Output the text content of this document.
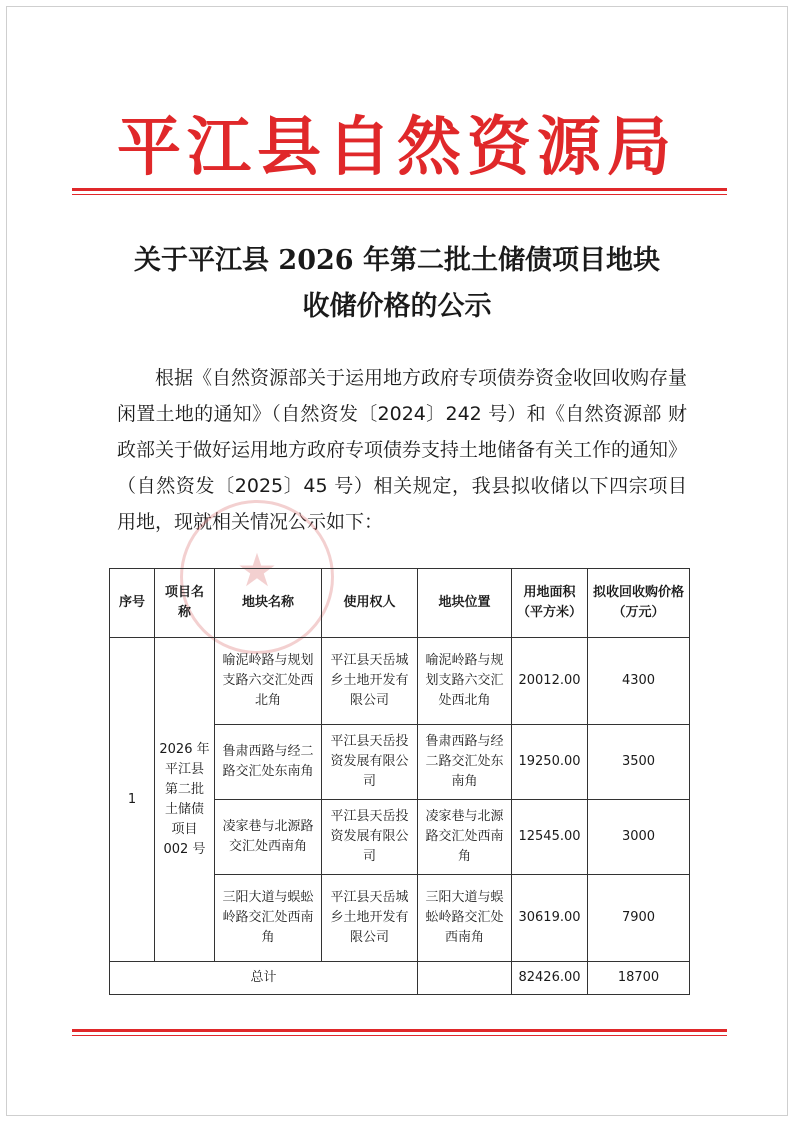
平江县自然资源局
关于平江县 2026 年第二批土储债项目地块
收储价格的公示
根据《自然资源部关于运用地方政府专项债券资金收回收购存量闲置土地的通知》（自然资发〔2024〕242 号）和《自然资源部 财政部关于做好运用地方政府专项债券支持土地储备有关工作的通知》（自然资发〔2025〕45 号）相关规定，我县拟收储以下四宗项目用地，现就相关情况公示如下：
★
序号	项目名称	地块名称	使用权人	地块位置	用地面积（平方米）	拟收回收购价格（万元）
1	2026 年平江县第二批土储债项目 002 号	喻泥岭路与规划支路六交汇处西北角	平江县天岳城乡土地开发有限公司	喻泥岭路与规划支路六交汇处西北角	20012.00	4300
		鲁肃西路与经二路交汇处东南角	平江县天岳投资发展有限公司	鲁肃西路与经二路交汇处东南角	19250.00	3500
		凌家巷与北源路交汇处西南角	平江县天岳投资发展有限公司	凌家巷与北源路交汇处西南角	12545.00	3000
		三阳大道与蜈蚣岭路交汇处西南角	平江县天岳城乡土地开发有限公司	三阳大道与蜈蚣岭路交汇处西南角	30619.00	7900
总计					82426.00	18700
